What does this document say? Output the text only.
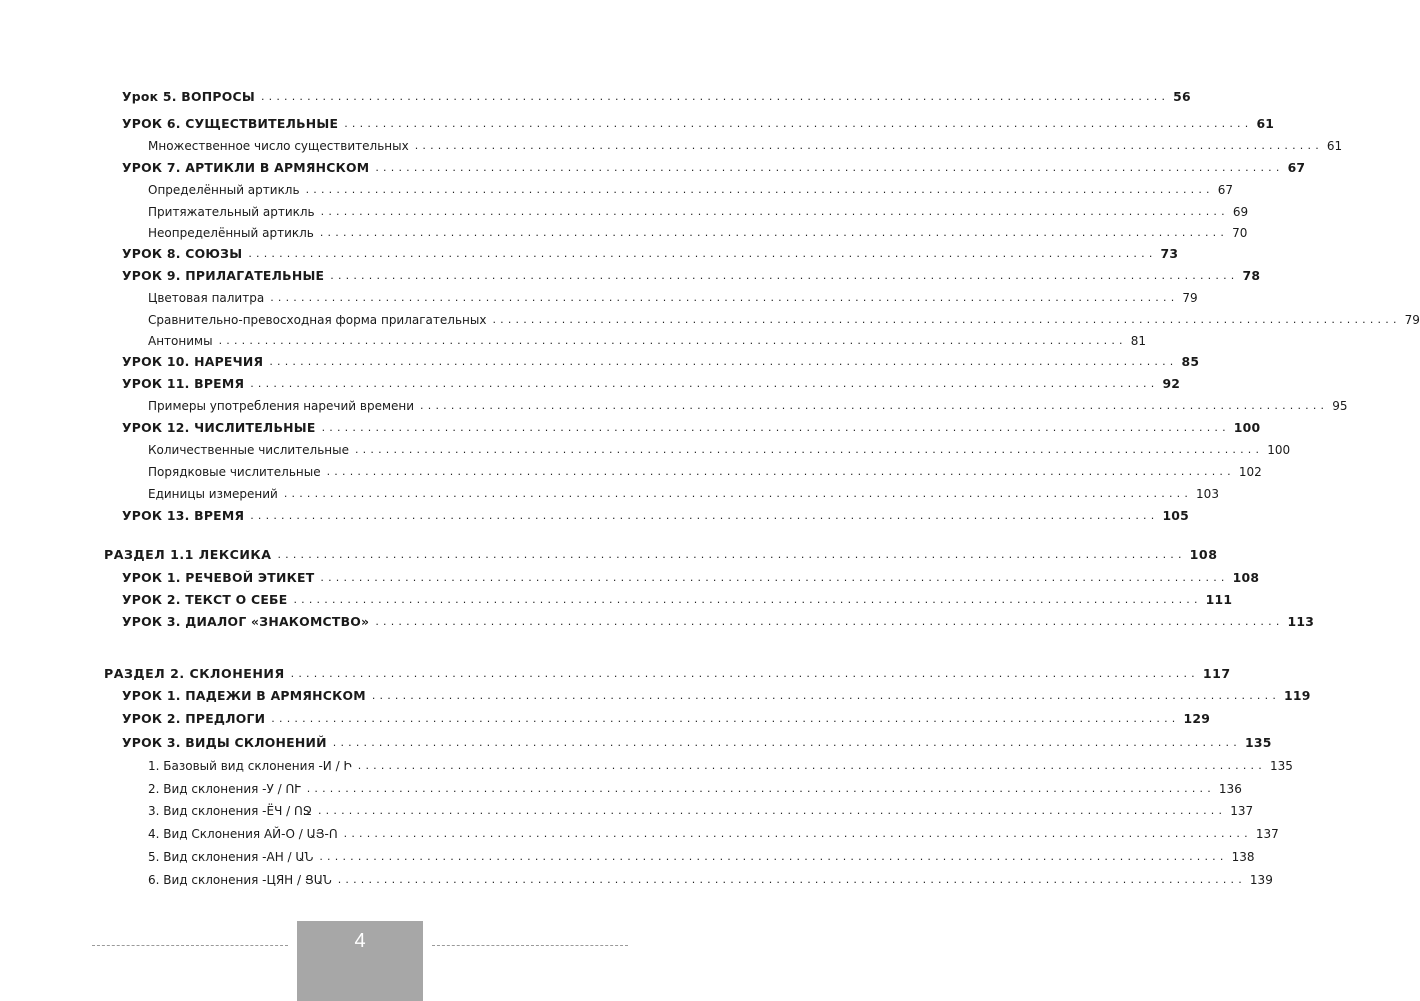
Урок 5. ВОПРОСЫ ...................................................................................................................... 56
УРОК 6. СУЩЕСТВИТЕЛЬНЫЕ ...................................................................................................................... 61
Множественное число существительных ...................................................................................................................... 61
УРОК 7. АРТИКЛИ В АРМЯНСКОМ ...................................................................................................................... 67
Определённый артикль ...................................................................................................................... 67
Притяжательный артикль ...................................................................................................................... 69
Неопределённый артикль ...................................................................................................................... 70
УРОК 8. СОЮЗЫ ...................................................................................................................... 73
УРОК 9. ПРИЛАГАТЕЛЬНЫЕ ...................................................................................................................... 78
Цветовая палитра ...................................................................................................................... 79
Сравнительно-превосходная форма прилагательных ...................................................................................................................... 79
Антонимы ...................................................................................................................... 81
УРОК 10. НАРЕЧИЯ ...................................................................................................................... 85
УРОК 11. ВРЕМЯ ...................................................................................................................... 92
Примеры употребления наречий времени ...................................................................................................................... 95
УРОК 12. ЧИСЛИТЕЛЬНЫЕ ...................................................................................................................... 100
Количественные числительные ...................................................................................................................... 100
Порядковые числительные ...................................................................................................................... 102
Единицы измерений ...................................................................................................................... 103
УРОК 13. ВРЕМЯ ...................................................................................................................... 105
РАЗДЕЛ 1.1 ЛЕКСИКА ...................................................................................................................... 108
УРОК 1. РЕЧЕВОЙ ЭТИКЕТ ...................................................................................................................... 108
УРОК 2. ТЕКСТ О СЕБЕ ...................................................................................................................... 111
УРОК 3. ДИАЛОГ «ЗНАКОМСТВО» ...................................................................................................................... 113
РАЗДЕЛ 2. СКЛОНЕНИЯ ...................................................................................................................... 117
УРОК 1. ПАДЕЖИ В АРМЯНСКОМ ...................................................................................................................... 119
УРОК 2. ПРЕДЛОГИ ...................................................................................................................... 129
УРОК 3. ВИДЫ СКЛОНЕНИЙ ...................................................................................................................... 135
1. Базовый вид склонения -И / Ի ...................................................................................................................... 135
2. Вид склонения -У / ՈՒ ...................................................................................................................... 136
3. Вид склонения -ЁЧ / ՈՋ ...................................................................................................................... 137
4. Вид Склонения АЙ-О / ԱՅ-Ո ...................................................................................................................... 137
5. Вид склонения -АН / ԱՆ ...................................................................................................................... 138
6. Вид склонения -ЦЯН / ՑԱՆ ...................................................................................................................... 139
4
